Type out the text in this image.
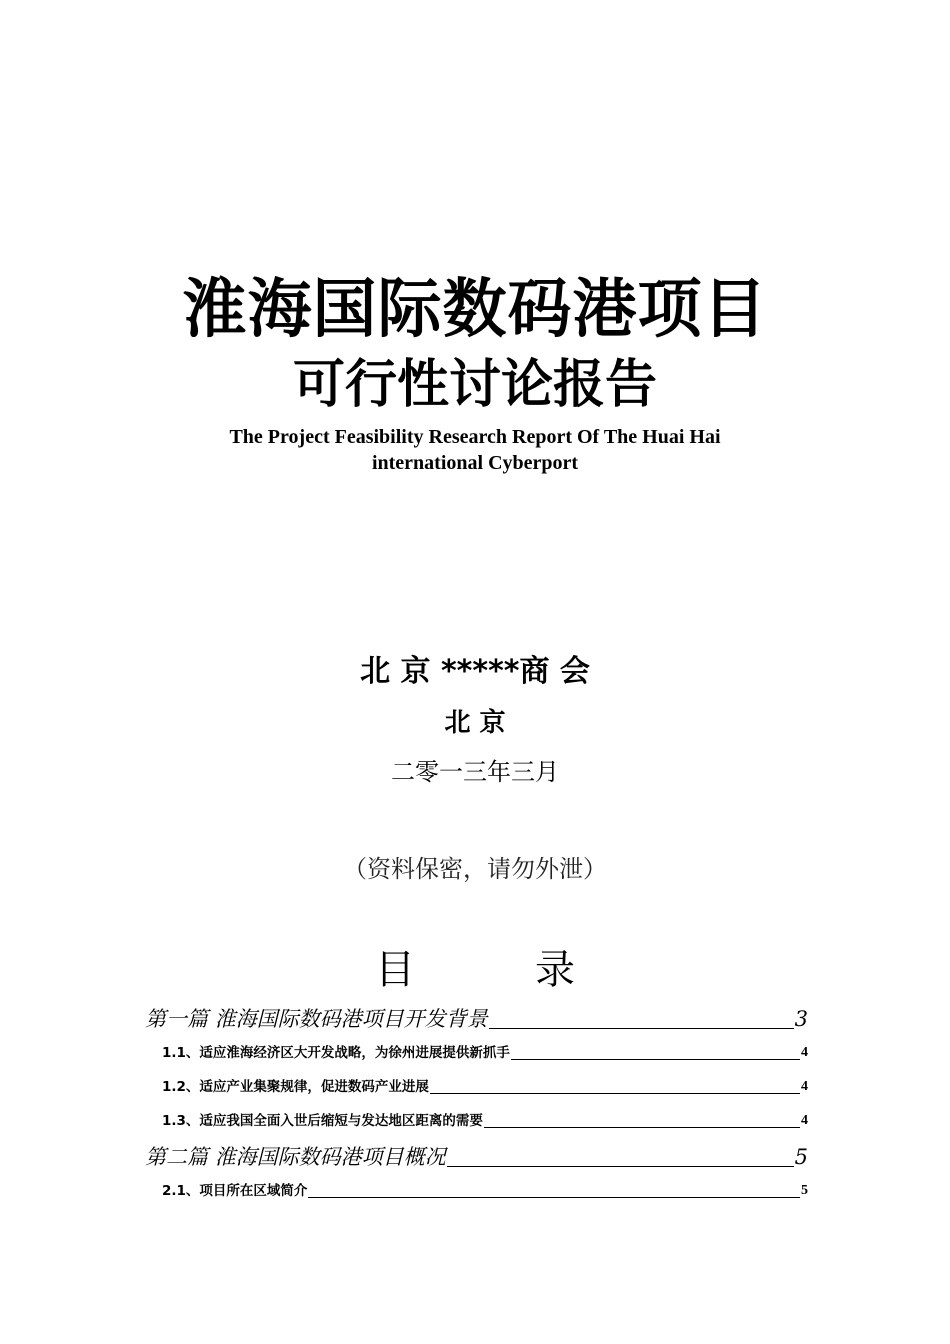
淮海国际数码港项目
可行性讨论报告
The Project Feasibility Research Report Of The Huai Hai international Cyberport
北 京 *****商 会
北 京
二零一三年三月
（资料保密，请勿外泄）
目	录
第一篇 淮海国际数码港项目开发背景	3
1.1、适应淮海经济区大开发战略，为徐州进展提供新抓手	4
1.2、适应产业集聚规律，促进数码产业进展	4
1.3、适应我国全面入世后缩短与发达地区距离的需要	4
第二篇 淮海国际数码港项目概况	5
2.1、项目所在区域简介	5
